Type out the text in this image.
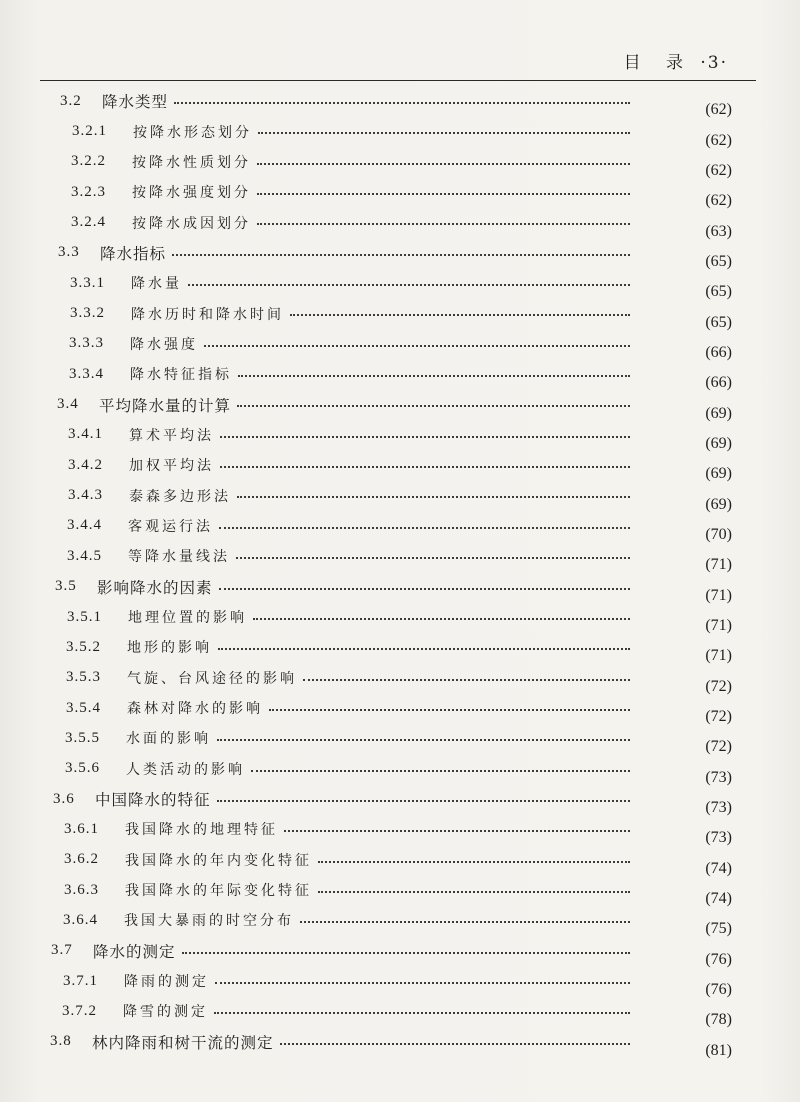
目 录 ·3·
3.2 降水类型	(62)
3.2.1 按降水形态划分	(62)
3.2.2 按降水性质划分	(62)
3.2.3 按降水强度划分	(62)
3.2.4 按降水成因划分	(63)
3.3 降水指标	(65)
3.3.1 降水量	(65)
3.3.2 降水历时和降水时间	(65)
3.3.3 降水强度	(66)
3.3.4 降水特征指标	(66)
3.4 平均降水量的计算	(69)
3.4.1 算术平均法	(69)
3.4.2 加权平均法	(69)
3.4.3 泰森多边形法	(69)
3.4.4 客观运行法	(70)
3.4.5 等降水量线法	(71)
3.5 影响降水的因素	(71)
3.5.1 地理位置的影响	(71)
3.5.2 地形的影响	(71)
3.5.3 气旋、台风途径的影响	(72)
3.5.4 森林对降水的影响	(72)
3.5.5 水面的影响	(72)
3.5.6 人类活动的影响	(73)
3.6 中国降水的特征	(73)
3.6.1 我国降水的地理特征	(73)
3.6.2 我国降水的年内变化特征	(74)
3.6.3 我国降水的年际变化特征	(74)
3.6.4 我国大暴雨的时空分布	(75)
3.7 降水的测定	(76)
3.7.1 降雨的测定	(76)
3.7.2 降雪的测定	(78)
3.8 林内降雨和树干流的测定	(81)
